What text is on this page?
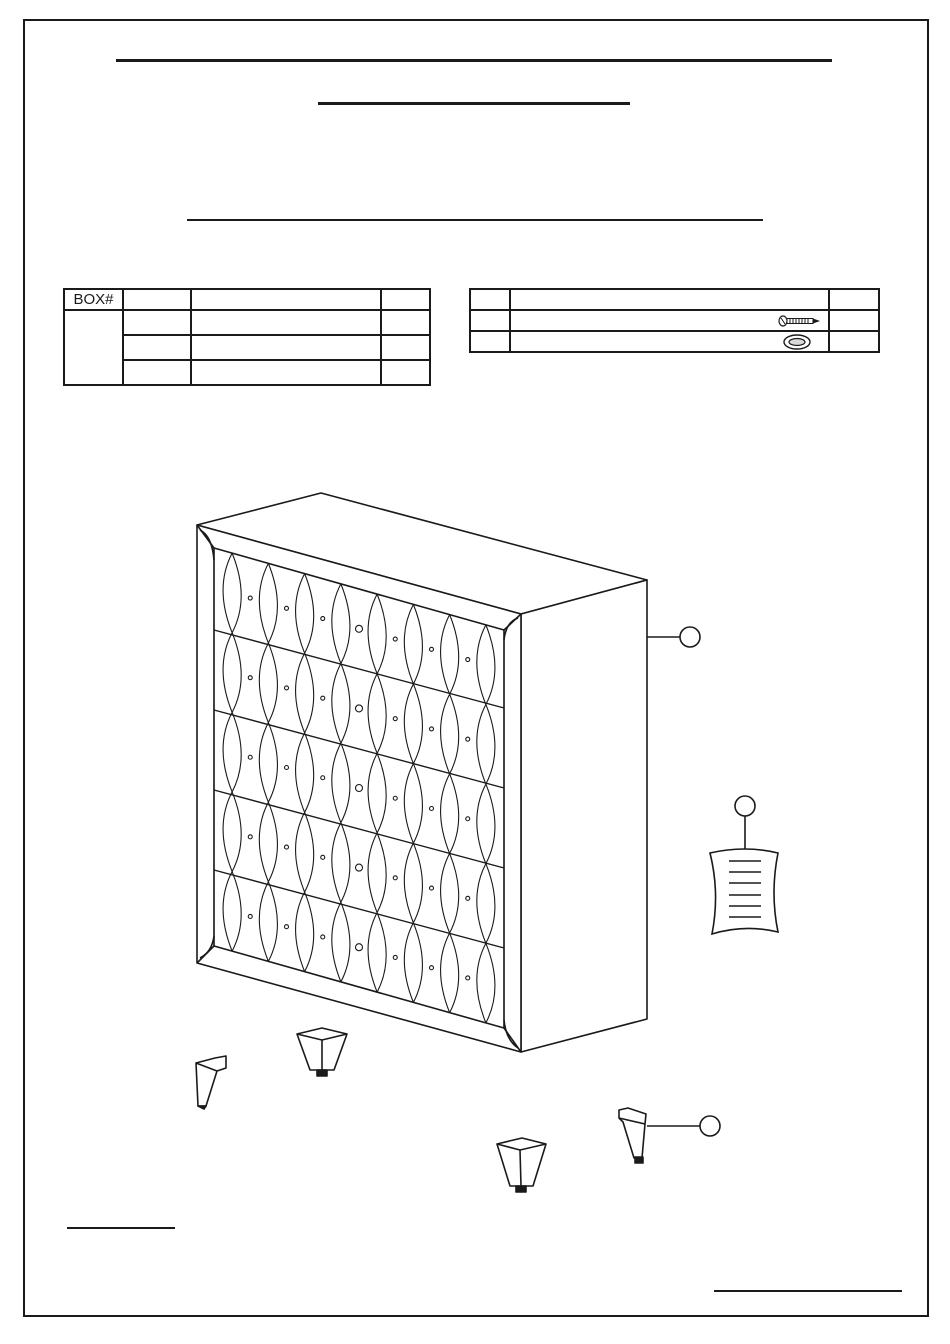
BOX#			
